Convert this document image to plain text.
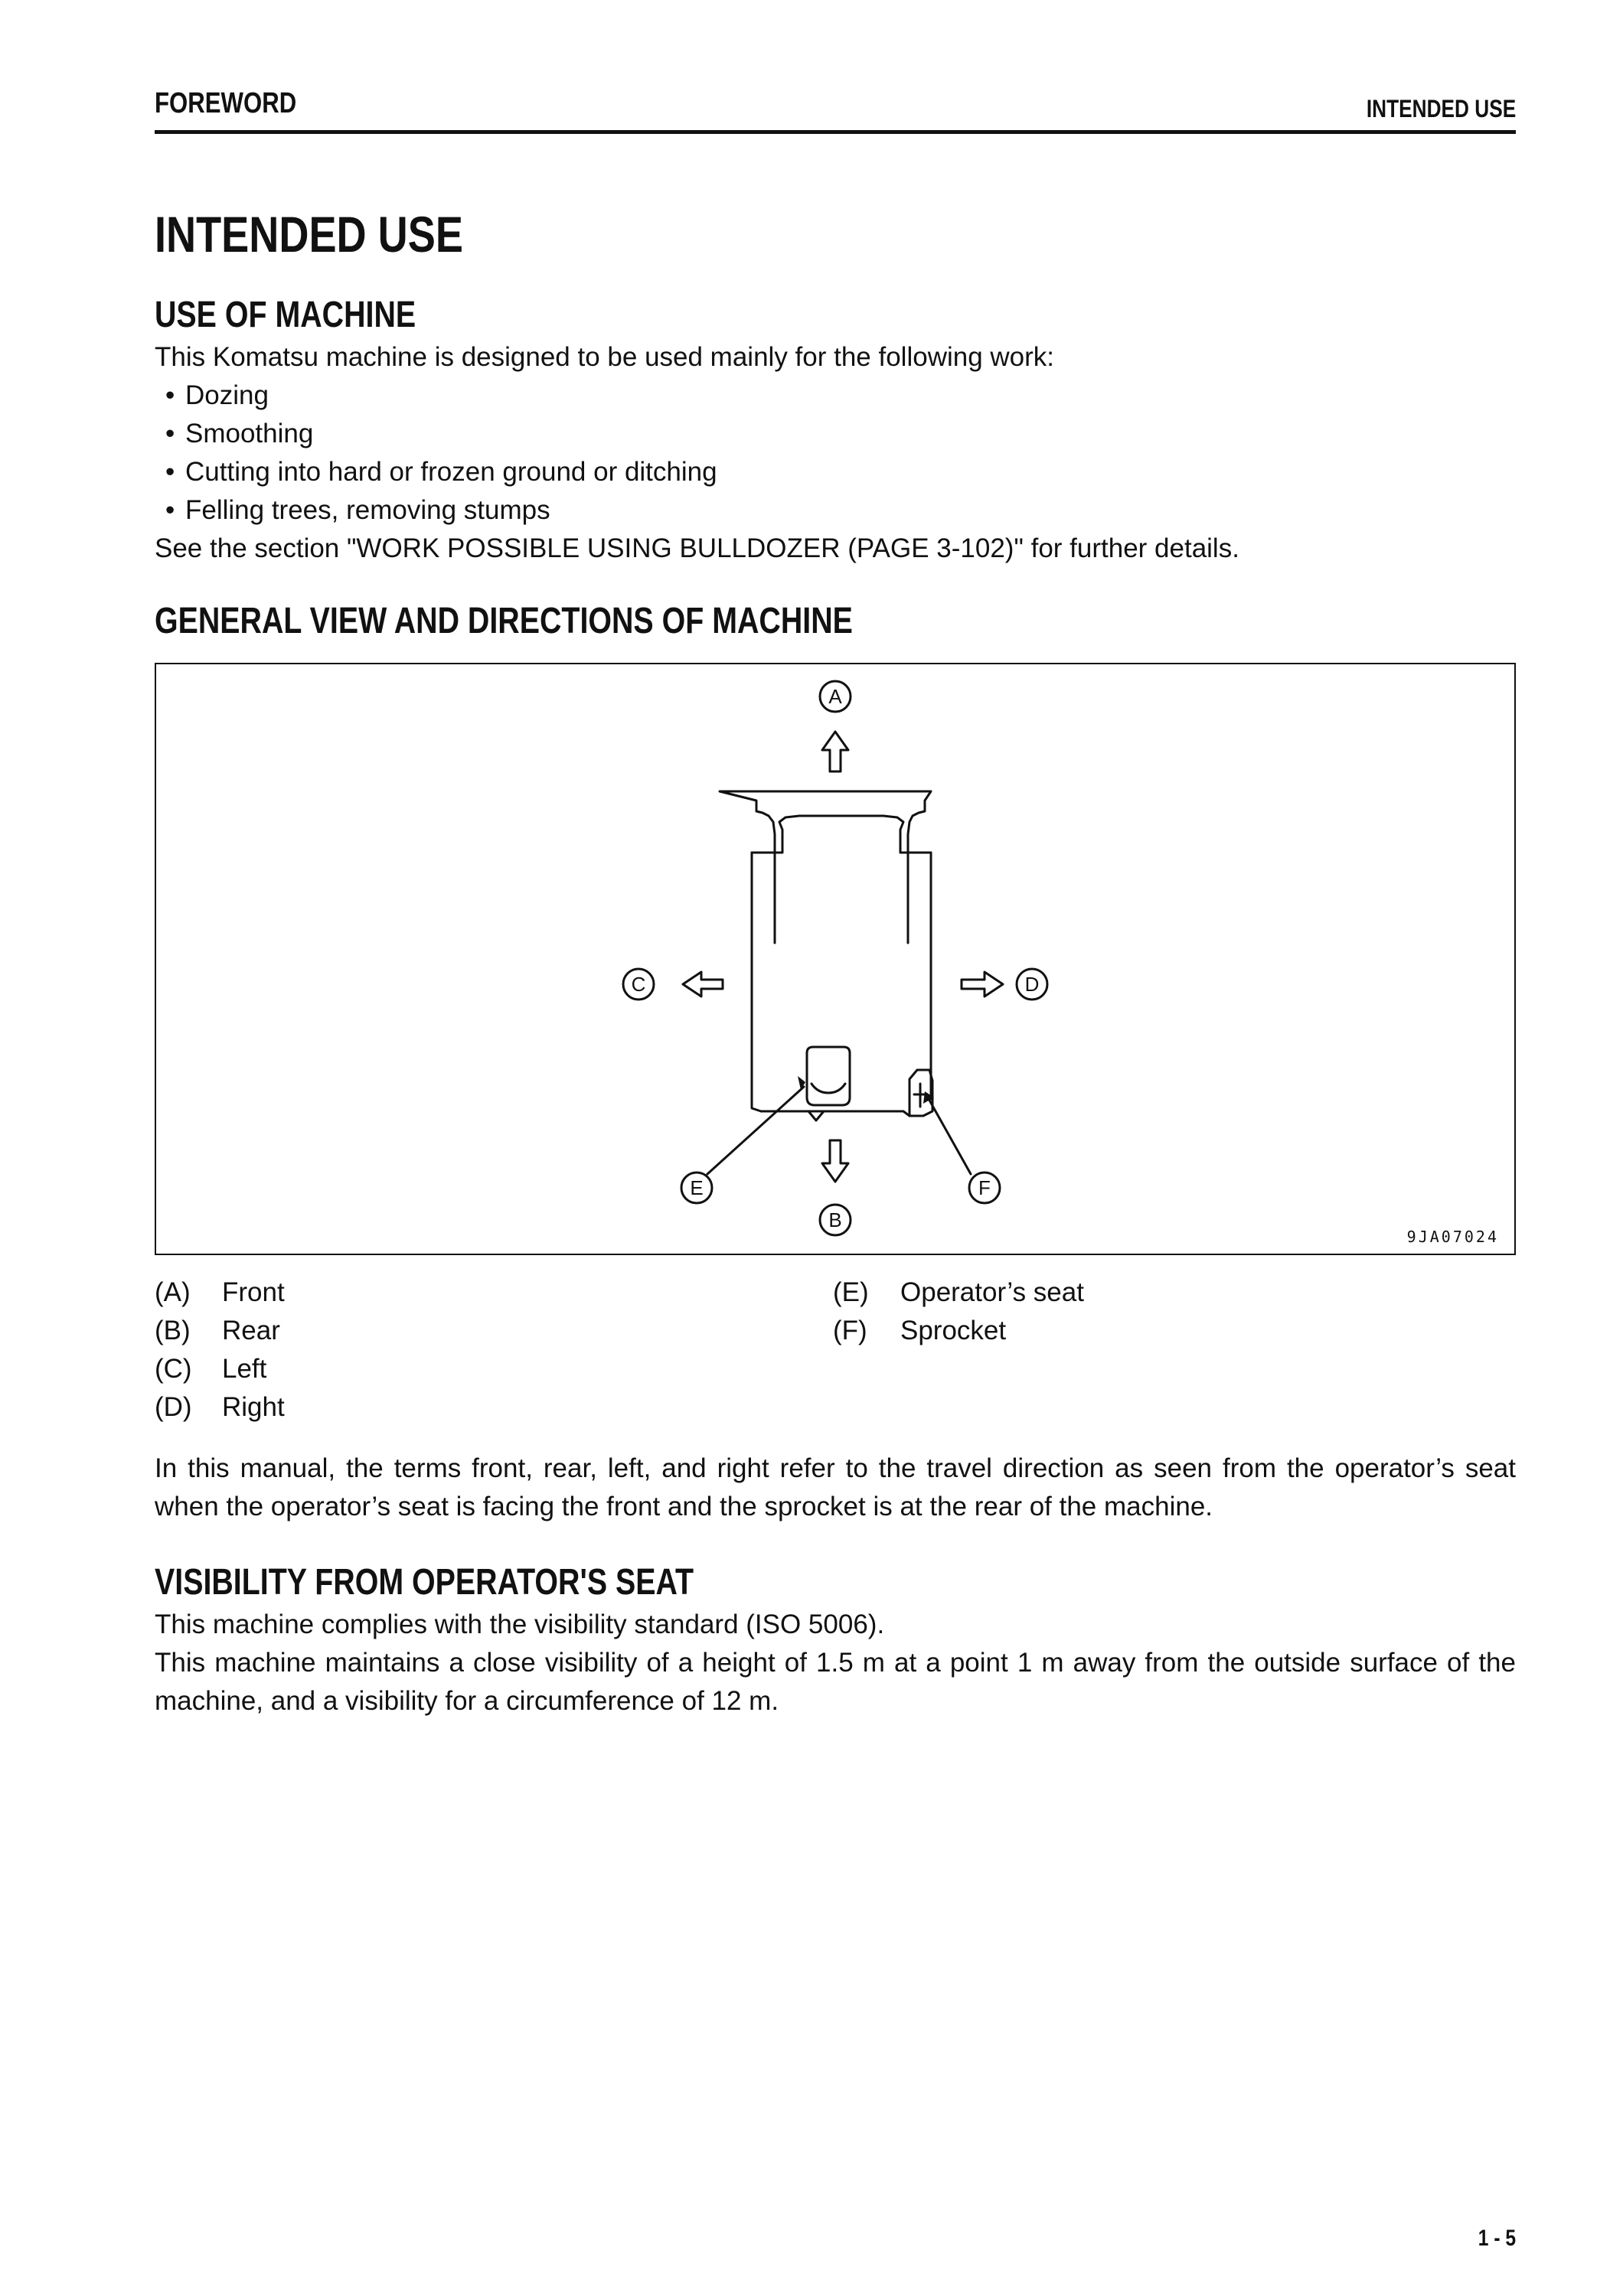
FOREWORD	INTENDED USE
INTENDED USE
USE OF MACHINE
This Komatsu machine is designed to be used mainly for the following work:
• Dozing
• Smoothing
• Cutting into hard or frozen ground or ditching
• Felling trees, removing stumps
See the section "WORK POSSIBLE USING BULLDOZER (PAGE 3-102)" for further details.
GENERAL VIEW AND DIRECTIONS OF MACHINE
A
B
C	D
E	F
9JA07024
(A)	Front
(B)	Rear
(C)	Left
(D)	Right
(E)	Operator’s seat
(F)	Sprocket
In this manual, the terms front, rear, left, and right refer to the travel direction as seen from the operator’s seat when the operator’s seat is facing the front and the sprocket is at the rear of the machine.
VISIBILITY FROM OPERATOR'S SEAT
This machine complies with the visibility standard (ISO 5006).
This machine maintains a close visibility of a height of 1.5 m at a point 1 m away from the outside surface of the machine, and a visibility for a circumference of 12 m.
1 - 5
